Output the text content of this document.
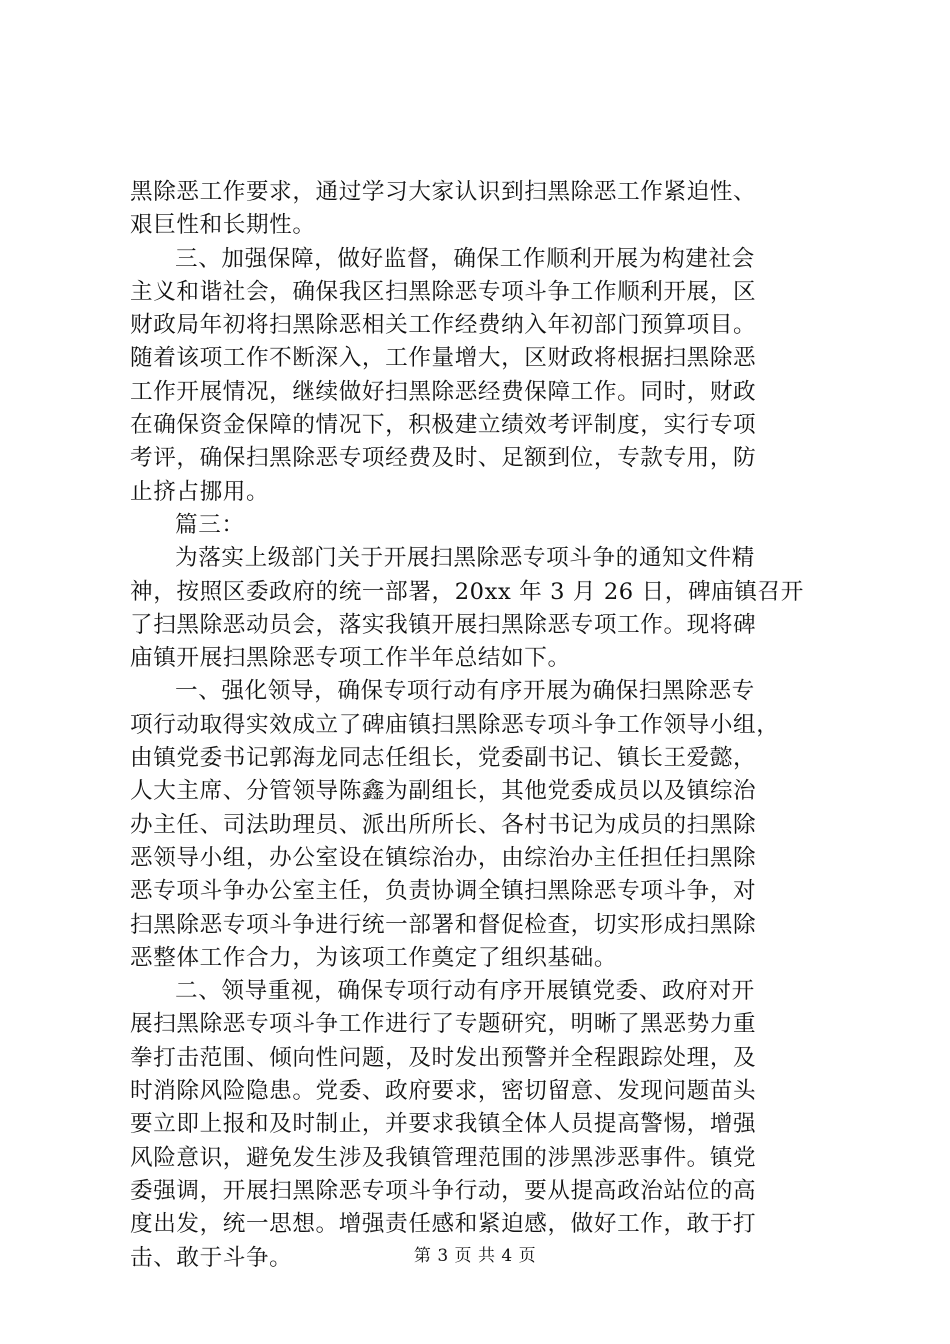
黑除恶工作要求，通过学习大家认识到扫黑除恶工作紧迫性、
艰巨性和长期性。
三、加强保障，做好监督，确保工作顺利开展为构建社会
主义和谐社会，确保我区扫黑除恶专项斗争工作顺利开展，区
财政局年初将扫黑除恶相关工作经费纳入年初部门预算项目。
随着该项工作不断深入，工作量增大，区财政将根据扫黑除恶
工作开展情况，继续做好扫黑除恶经费保障工作。同时，财政
在确保资金保障的情况下，积极建立绩效考评制度，实行专项
考评，确保扫黑除恶专项经费及时、足额到位，专款专用，防
止挤占挪用。
篇三：
为落实上级部门关于开展扫黑除恶专项斗争的通知文件精
神，按照区委政府的统一部署，20xx 年 3 月 26 日，碑庙镇召开
了扫黑除恶动员会，落实我镇开展扫黑除恶专项工作。现将碑
庙镇开展扫黑除恶专项工作半年总结如下。
一、强化领导，确保专项行动有序开展为确保扫黑除恶专
项行动取得实效成立了碑庙镇扫黑除恶专项斗争工作领导小组，
由镇党委书记郭海龙同志任组长，党委副书记、镇长王爱懿，
人大主席、分管领导陈鑫为副组长，其他党委成员以及镇综治
办主任、司法助理员、派出所所长、各村书记为成员的扫黑除
恶领导小组，办公室设在镇综治办，由综治办主任担任扫黑除
恶专项斗争办公室主任，负责协调全镇扫黑除恶专项斗争，对
扫黑除恶专项斗争进行统一部署和督促检查，切实形成扫黑除
恶整体工作合力，为该项工作奠定了组织基础。
二、领导重视，确保专项行动有序开展镇党委、政府对开
展扫黑除恶专项斗争工作进行了专题研究，明晰了黑恶势力重
拳打击范围、倾向性问题，及时发出预警并全程跟踪处理，及
时消除风险隐患。党委、政府要求，密切留意、发现问题苗头
要立即上报和及时制止，并要求我镇全体人员提高警惕，增强
风险意识，避免发生涉及我镇管理范围的涉黑涉恶事件。镇党
委强调，开展扫黑除恶专项斗争行动，要从提高政治站位的高
度出发，统一思想。增强责任感和紧迫感，做好工作，敢于打
击、敢于斗争。	第 3 页 共 4 页
